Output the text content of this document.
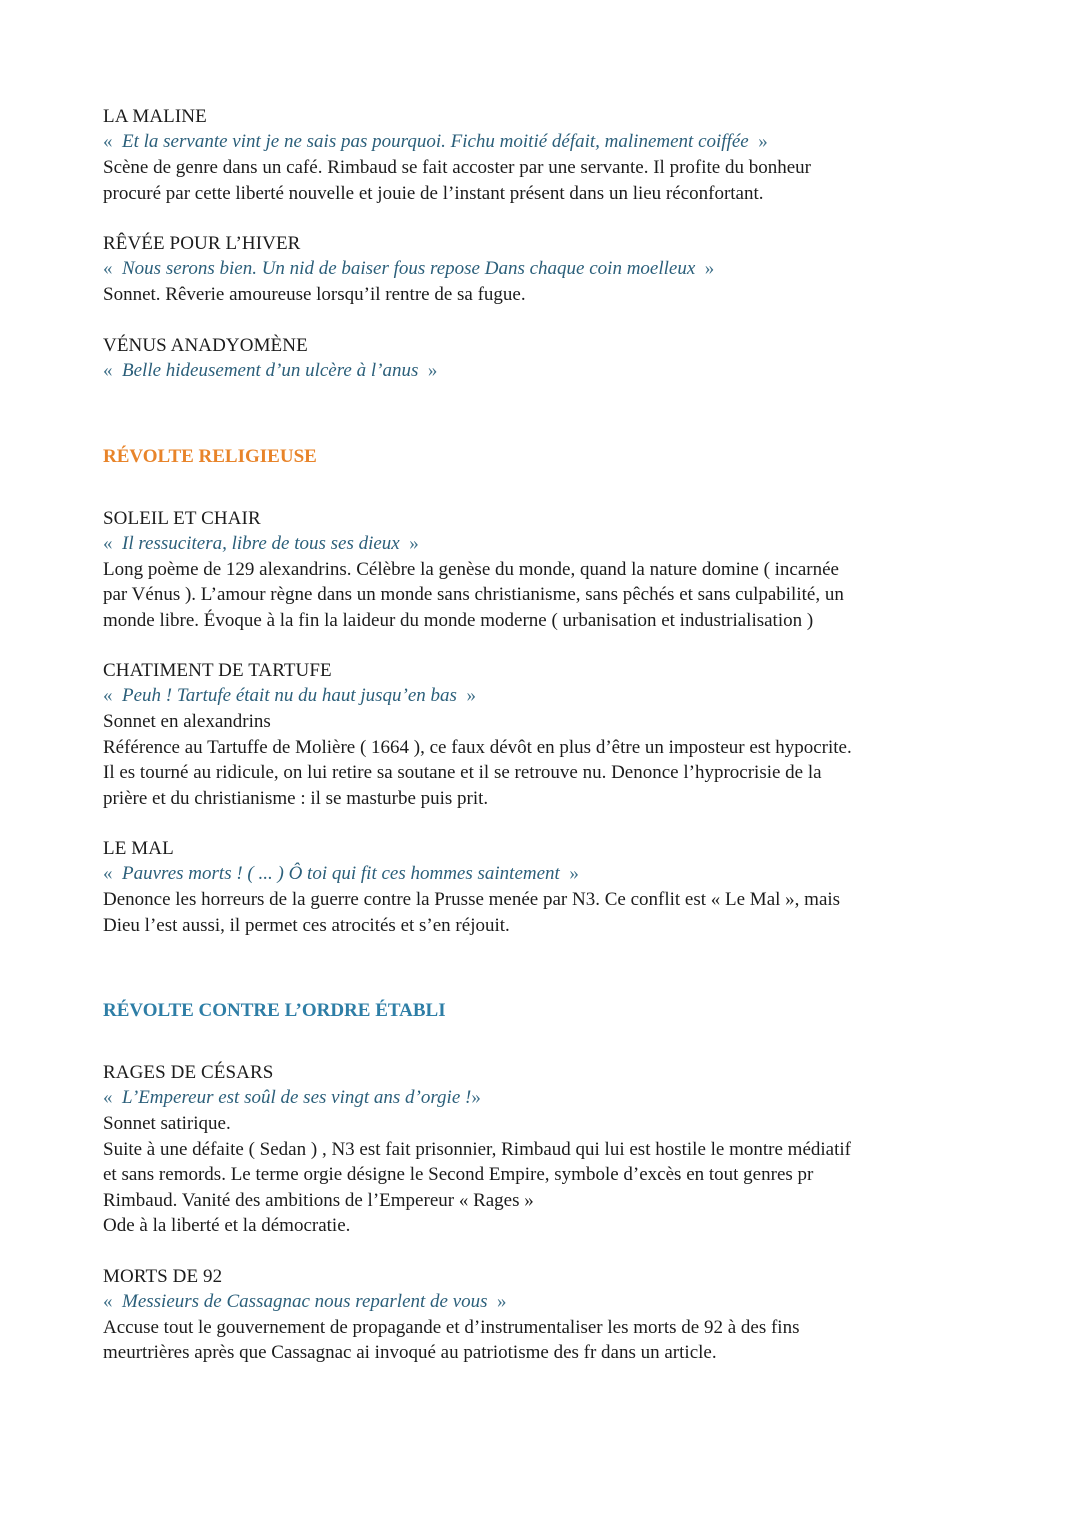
LA MALINE
« Et la servante vint je ne sais pas pourquoi. Fichu moitié défait, malinement coiffée »
Scène de genre dans un café. Rimbaud se fait accoster par une servante. Il profite du bonheur
procuré par cette liberté nouvelle et jouie de l’instant présent dans un lieu réconfortant.
RÊVÉE POUR L’HIVER
« Nous serons bien. Un nid de baiser fous repose Dans chaque coin moelleux »
Sonnet. Rêverie amoureuse lorsqu’il rentre de sa fugue.
VÉNUS ANADYOMÈNE
« Belle hideusement d’un ulcère à l’anus »
RÉVOLTE RELIGIEUSE
SOLEIL ET CHAIR
« Il ressucitera, libre de tous ses dieux »
Long poème de 129 alexandrins. Célèbre la genèse du monde, quand la nature domine ( incarnée
par Vénus ). L’amour règne dans un monde sans christianisme, sans pêchés et sans culpabilité, un
monde libre. Évoque à la fin la laideur du monde moderne ( urbanisation et industrialisation )
CHATIMENT DE TARTUFE
« Peuh ! Tartufe était nu du haut jusqu’en bas »
Sonnet en alexandrins
Référence au Tartuffe de Molière ( 1664 ), ce faux dévôt en plus d’être un imposteur est hypocrite.
Il es tourné au ridicule, on lui retire sa soutane et il se retrouve nu. Denonce l’hyprocrisie de la
prière et du christianisme : il se masturbe puis prit.
LE MAL
« Pauvres morts ! ( ... ) Ô toi qui fit ces hommes saintement »
Denonce les horreurs de la guerre contre la Prusse menée par N3. Ce conflit est « Le Mal », mais
Dieu l’est aussi, il permet ces atrocités et s’en réjouit.
RÉVOLTE CONTRE L’ORDRE ÉTABLI
RAGES DE CÉSARS
« L’Empereur est soûl de ses vingt ans d’orgie !»
Sonnet satirique.
Suite à une défaite ( Sedan ) , N3 est fait prisonnier, Rimbaud qui lui est hostile le montre médiatif
et sans remords. Le terme orgie désigne le Second Empire, symbole d’excès en tout genres pr
Rimbaud. Vanité des ambitions de l’Empereur « Rages »
Ode à la liberté et la démocratie.
MORTS DE 92
« Messieurs de Cassagnac nous reparlent de vous »
Accuse tout le gouvernement de propagande et d’instrumentaliser les morts de 92 à des fins
meurtrières après que Cassagnac ai invoqué au patriotisme des fr dans un article.
